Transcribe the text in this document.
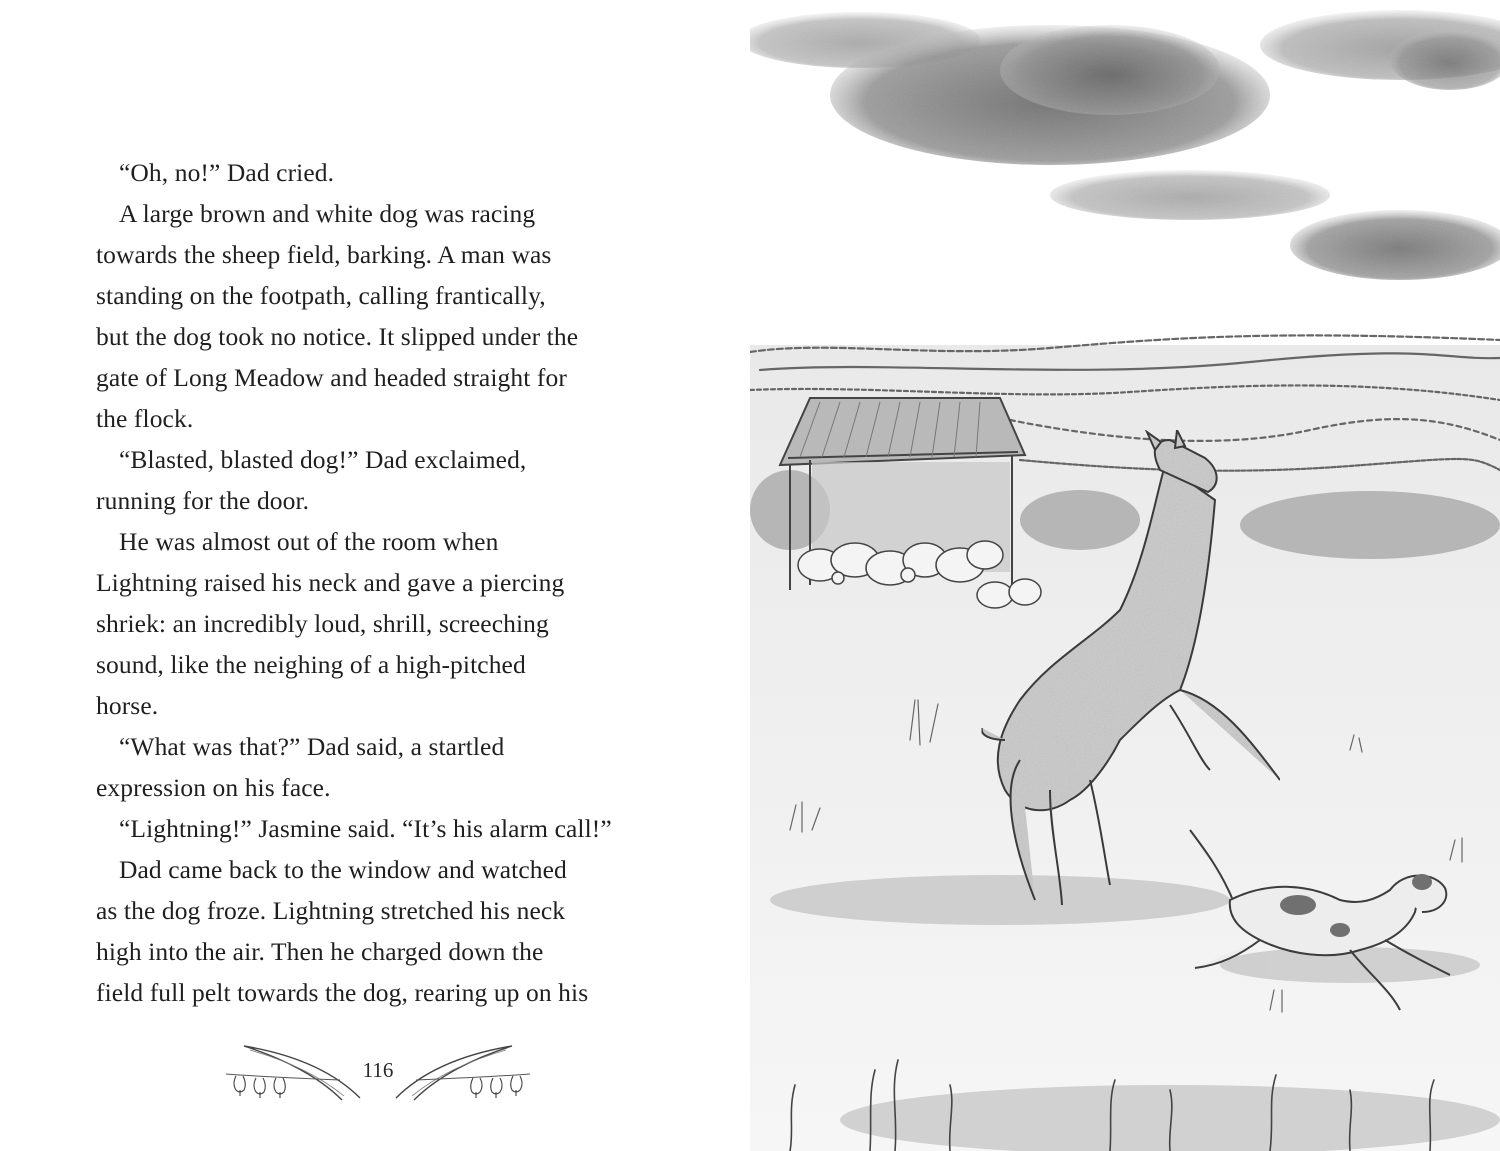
“Oh, no!” Dad cried.
A large brown and white dog was racing
towards the sheep field, barking. A man was
standing on the footpath, calling frantically,
but the dog took no notice. It slipped under the
gate of Long Meadow and headed straight for
the flock.
“Blasted, blasted dog!” Dad exclaimed,
running for the door.
He was almost out of the room when
Lightning raised his neck and gave a piercing
shriek: an incredibly loud, shrill, screeching
sound, like the neighing of a high-pitched
horse.
“What was that?” Dad said, a startled
expression on his face.
“Lightning!” Jasmine said. “It’s his alarm call!”
Dad came back to the window and watched
as the dog froze. Lightning stretched his neck
high into the air. Then he charged down the
field full pelt towards the dog, rearing up on his
116
